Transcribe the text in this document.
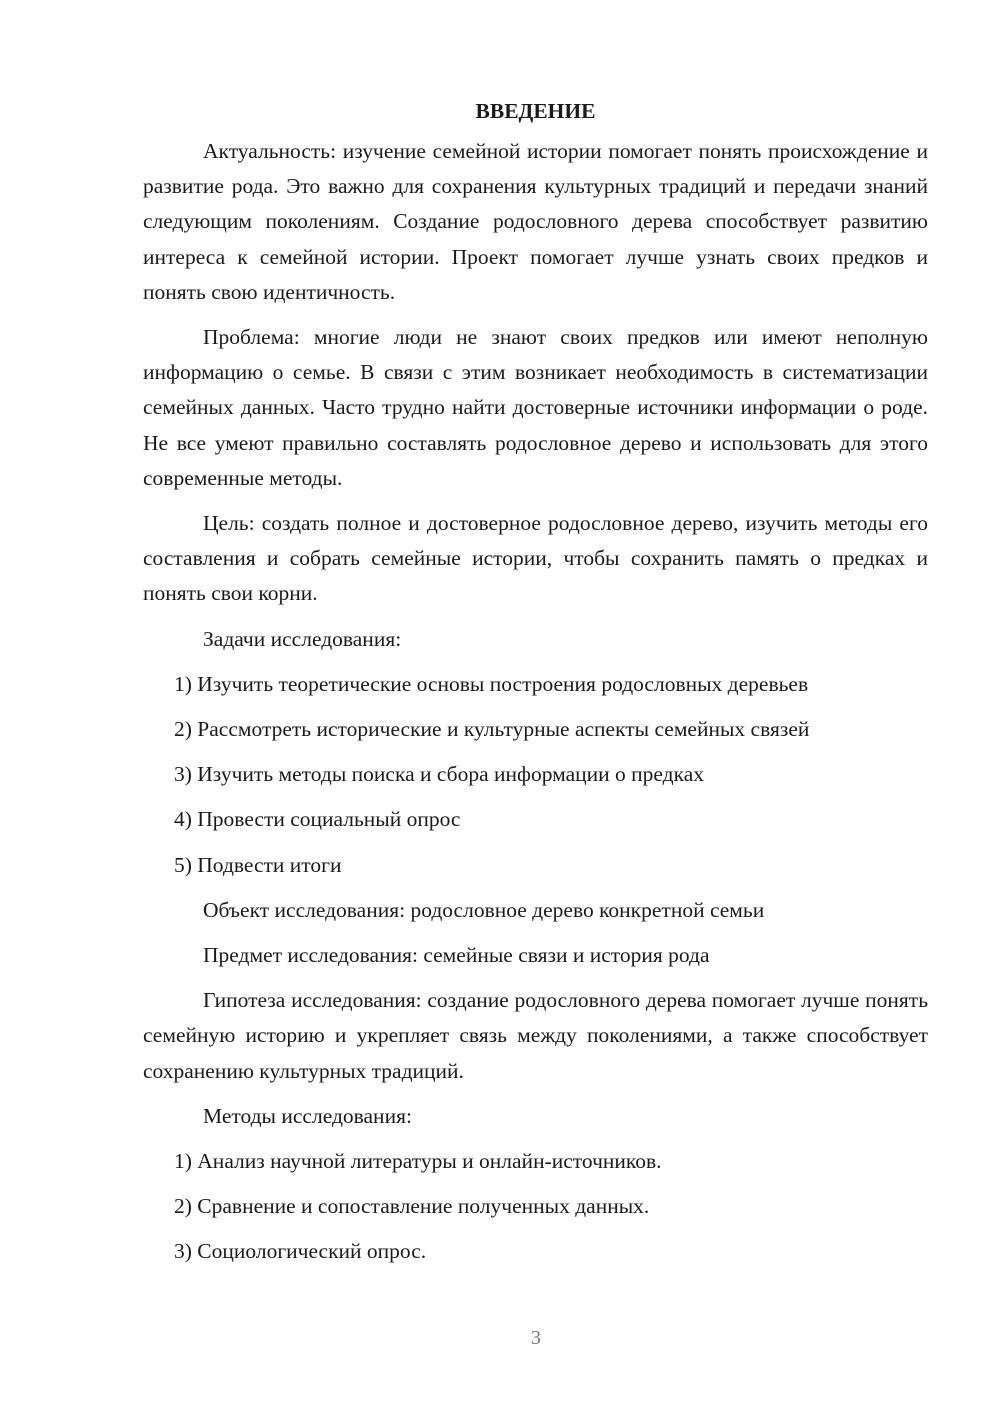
ВВЕДЕНИЕ

Актуальность: изучение семейной истории помогает понять происхождение и развитие рода. Это важно для сохранения культурных традиций и передачи знаний следующим поколениям. Создание родословного дерева способствует развитию интереса к семейной истории. Проект помогает лучше узнать своих предков и понять свою идентичность.

Проблема: многие люди не знают своих предков или имеют неполную информацию о семье. В связи с этим возникает необходимость в систематизации семейных данных. Часто трудно найти достоверные источники информации о роде. Не все умеют правильно составлять родословное дерево и использовать для этого современные методы.

Цель: создать полное и достоверное родословное дерево, изучить методы его составления и собрать семейные истории, чтобы сохранить память о предках и понять свои корни.

Задачи исследования:
1) Изучить теоретические основы построения родословных деревьев
2) Рассмотреть исторические и культурные аспекты семейных связей
3) Изучить методы поиска и сбора информации о предках
4) Провести социальный опрос
5) Подвести итоги
Объект исследования: родословное дерево конкретной семьи
Предмет исследования: семейные связи и история рода

Гипотеза исследования: создание родословного дерева помогает лучше понять семейную историю и укрепляет связь между поколениями, а также способствует сохранению культурных традиций.

Методы исследования:
1) Анализ научной литературы и онлайн-источников.
2) Сравнение и сопоставление полученных данных.
3) Социологический опрос.
3
